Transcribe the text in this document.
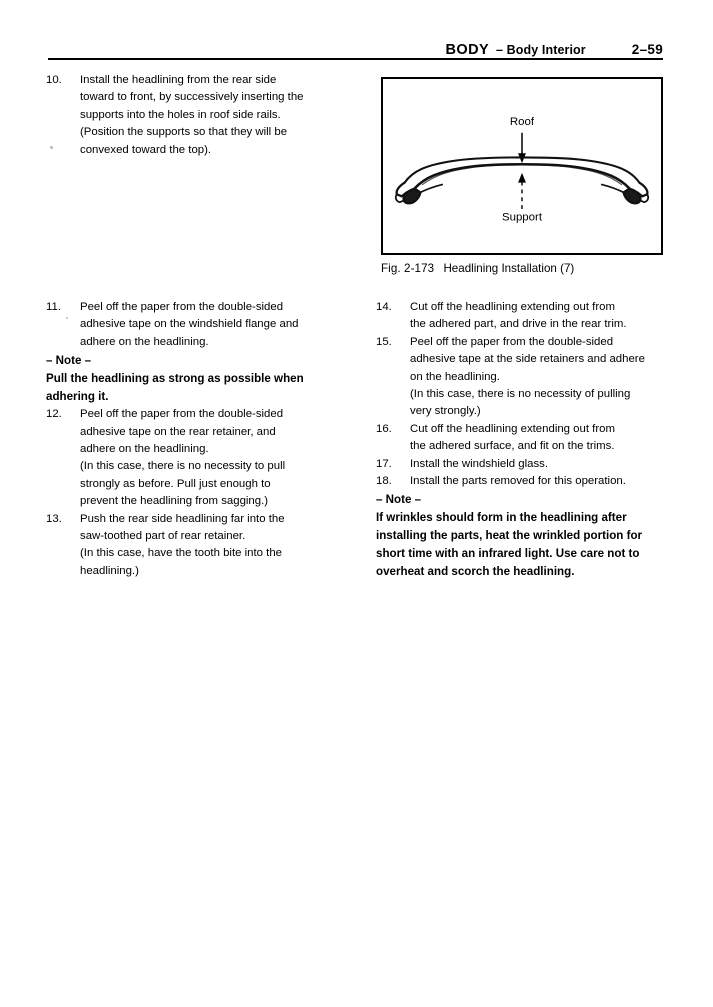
BODY – Body Interior	2–59
10.	Install the headlining from the rear side

toward to front, by successively inserting the

supports into the holes in roof side rails.

(Position the supports so that they will be

convexed toward the top).

Roof
Support
Fig. 2-173 Headlining Installation (7)
11.	Peel off the paper from the double-sided

adhesive tape on the windshield flange and

adhere on the headlining.

– Note –

Pull the headlining as strong as possible when

adhering it.

12.	Peel off the paper from the double-sided

adhesive tape on the rear retainer, and

adhere on the headlining.

(In this case, there is no necessity to pull

strongly as before. Pull just enough to

prevent the headlining from sagging.)

13.	Push the rear side headlining far into the

saw-toothed part of rear retainer.

(In this case, have the tooth bite into the

headlining.)

14.	Cut off the headlining extending out from

the adhered part, and drive in the rear trim.

15.	Peel off the paper from the double-sided

adhesive tape at the side retainers and adhere

on the headlining.

(In this case, there is no necessity of pulling

very strongly.)

16.	Cut off the headlining extending out from

the adhered surface, and fit on the trims.

17.	Install the windshield glass.

18.	Install the parts removed for this operation.

– Note –

If wrinkles should form in the headlining after

installing the parts, heat the wrinkled portion for

short time with an infrared light. Use care not to

overheat and scorch the headlining.
